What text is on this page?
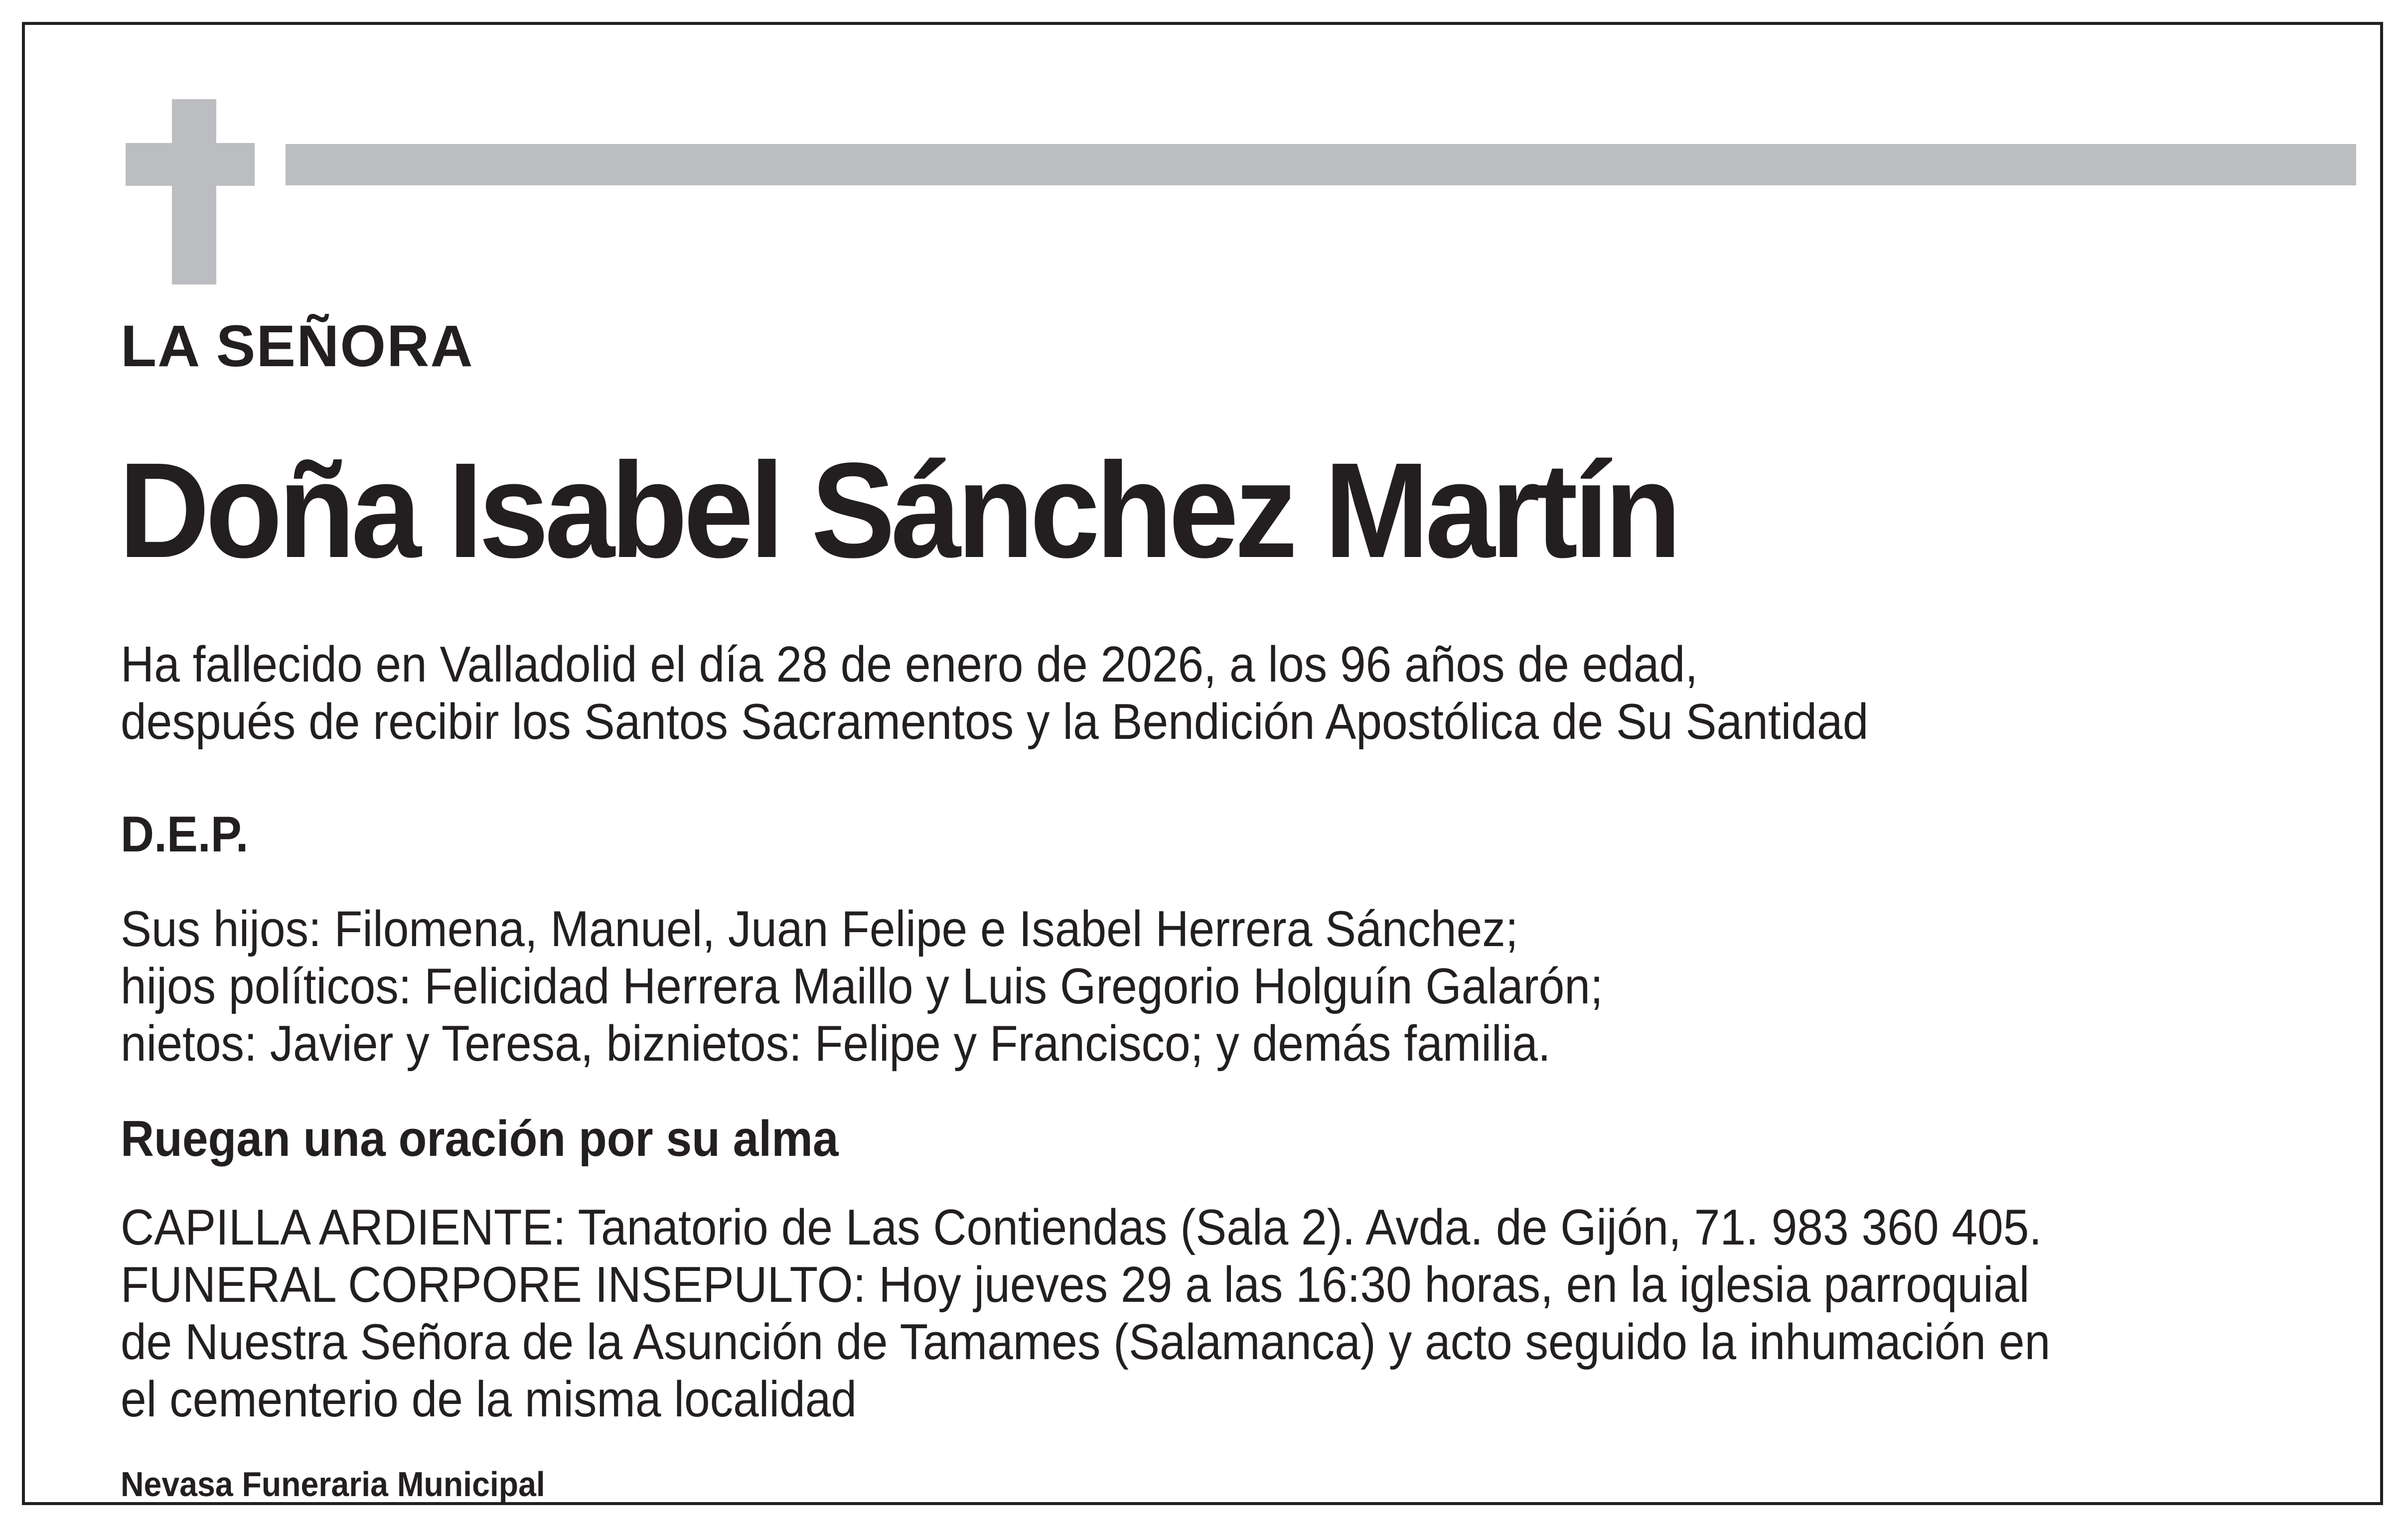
LA SEÑORA
Doña Isabel Sánchez Martín
Ha fallecido en Valladolid el día 28 de enero de 2026, a los 96 años de edad,
después de recibir los Santos Sacramentos y la Bendición Apostólica de Su Santidad
D.E.P.
Sus hijos: Filomena, Manuel, Juan Felipe e Isabel Herrera Sánchez;
hijos políticos: Felicidad Herrera Maillo y Luis Gregorio Holguín Galarón;
nietos: Javier y Teresa, biznietos: Felipe y Francisco; y demás familia.
Ruegan una oración por su alma
CAPILLA ARDIENTE: Tanatorio de Las Contiendas (Sala 2). Avda. de Gijón, 71. 983 360 405.
FUNERAL CORPORE INSEPULTO: Hoy jueves 29 a las 16:30 horas, en la iglesia parroquial
de Nuestra Señora de la Asunción de Tamames (Salamanca) y acto seguido la inhumación en
el cementerio de la misma localidad
Nevasa Funeraria Municipal
